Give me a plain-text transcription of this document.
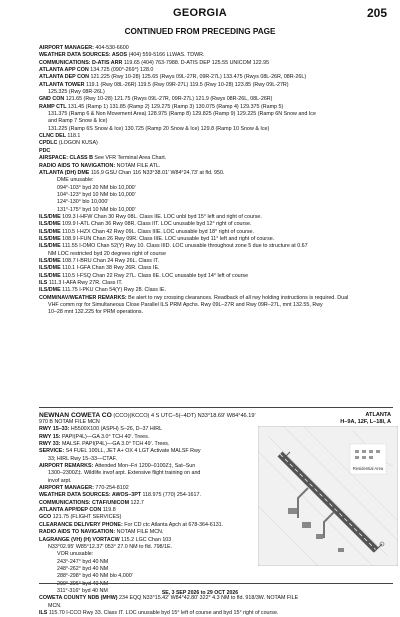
GEORGIA	205
CONTINUED FROM PRECEDING PAGE
AIRPORT MANAGER: 404-530-6600
WEATHER DATA SOURCES: ASOS (404) 559-5166 LLWAS. TDWR.
COMMUNICATIONS: D-ATIS ARR 119.65 (404) 763-7988. D-ATIS DEP 125.55 UNICOM 122.95
ATLANTA APP CON 134.725 (090°-269°) 128.0
ATLANTA DEP CON 121.225 (Rwy 10-28) 125.65 (Rwys 09L-27R, 09R-27L) 133.475 (Rwys 08L-26R, 08R-26L)
ATLANTA TOWER 119.1 (Rwy 08L-26R) 119.5 (Rwy 09R-27L) 119.5 (Rwy 10-28) 123.85 (Rwy 09L-27R)
125.325 (Rwy 08R-26L)
GND CON 121.65 (Rwy 10-28) 121.75 (Rwys 09L-27R, 09R-27L) 121.9 (Rwys 08R-26L, 08L-26R)
RAMP CTL 131.45 (Ramp 1) 131.85 (Ramp 2) 129.275 (Ramp 3) 130.075 (Ramp 4) 129.375 (Ramp 5)
131.375 (Ramp 6 & Non Movement Area) 128.975 (Ramp 8) 129.825 (Ramp 9) 129.225 (Ramp 6N Snow and Ice
and Ramp 7 Snow & Ice)
131.225 (Ramp 6S Snow & Ice) 130.725 (Ramp 20 Snow & Ice) 129.8 (Ramp 10 Snow & Ice)
CLNC DEL 118.1
CPDLC (LOGON KUSA)
PDC
AIRSPACE: CLASS B See VFR Terminal Area Chart.
RADIO AIDS TO NAVIGATION: NOTAM FILE ATL.
ATLANTA (DH) DME 116.9 GSU Chan 116 N33°38.01' W84°24.73' at fld. 950.
DME unusable:
094°-103° byd 20 NM blo 10,000'
104°-123° byd 10 NM blo 10,000'
124°-130° blo 10,000'
131°-175° byd 10 NM blo 10,000'
ILS/DME 109.3 I-HFW Chan 30 Rwy 08L. Class IIE. LOC unbl byd 15° left and right of course.
ILS/DME 109.9 I-ATL Chan 36 Rwy 08R. Class IIT. LOC unusable byd 12° right of course.
ILS/DME 110.5 I-HZX Chan 42 Rwy 09L. Class IIIE. LOC unusable byd 18° right of course.
ILS/DME 108.9 I-FUN Chan 26 Rwy 09R. Class IIIE. LOC unusable byd 11° left and right of course.
ILS/DME 111.55 I-OMO Chan 52(Y) Rwy 10. Class IIID. LOC unusable throughout zone 5 due to structure at 0.67
NM LOC restricted byd 20 degrees right of course
ILS/DME 108.7 I-BRU Chan 24 Rwy 26L. Class IT.
ILS/DME 110.1 I-GFA Chan 38 Rwy 26R. Class IE.
ILS/DME 110.5 I-FSQ Chan 22 Rwy 27L. Class IIE. LOC unusable byd 14° left of course
ILS 111.3 I-AFA Rwy 27R. Class IT.
ILS/DME 111.75 I-PKU Chan 54(Y) Rwy 28. Class IE.
COMM/NAV/WEATHER REMARKS: Be alert to rwy crossing clearances. Readback of all rwy holding instructions is required. Dual
VHF comm rqr for Simultaneous Close Parallel ILS PRM Apchs. Rwy 09L–27R and Rwy 09R–27L, mnt 132.55, Rwy
10–28 mnt 132.225 for PRM operations.
NEWNAN COWETA CO (CCO)(KCCO) 4 S UTC–5(–4DT) N33°18.69' W84°46.19'	ATLANTA
H–9A, 12F, L–18I, A
970 B NOTAM FILE MCN
RWY 15–33: H5500X100 (ASPH) S–26, D–37 HIRL
RWY 15: PAPI(P4L)—GA 3.0° TCH 40'. Trees.
RWY 33: MALSF. PAPI(P4L)—GA 3.0° TCH 49'. Trees.
SERVICE: S4 FUEL 100LL, JET A+ OX 4 LGT Activate MALSF Rwy
33; HIRL Rwy 15–33—CTAF.
AIRPORT REMARKS: Attended Mon–Fri 1200–0100Z‡, Sat–Sun
1300–2300Z‡. Wildlife invof arpt. Extensive flight training on and
invof arpt.
AIRPORT MANAGER: 770-254-8102
WEATHER DATA SOURCES: AWOS–3PT 118.975 (770) 254-1617.
COMMUNICATIONS: CTAF/UNICOM 122.7
ATLANTA APP/DEP CON 119.8
GCO 121.75 (FLIGHT SERVICES)
CLEARANCE DELIVERY PHONE: For CD ctc Atlanta Apch at 678-364-6131.
RADIO AIDS TO NAVIGATION: NOTAM FILE MCN.
LAGRANGE (VH) (H) VORTACW 115.2 LGC Chan 103
N33°02.95' W85°12.37' 053° 27.0 NM to fld. 798/1E.
VOR unusable:
243°-247° byd 40 NM
248°-262° byd 40 NM
288°-298° byd 40 NM blo 4,000'
299°-306° byd 40 NM
311°-316° byd 40 NM
COWETA COUNTY NDB (MHW) 234 EQQ N33°15.42' W84°42.80' 322° 4.3 NM to fld. 918/3W. NOTAM FILE
MCN.
ILS 115.70 I-CCO Rwy 33. Class IT. LOC unusable byd 15° left of course and byd 15° right of course.
Residential Area
SE, 3 SEP 2026 to 29 OCT 2026
